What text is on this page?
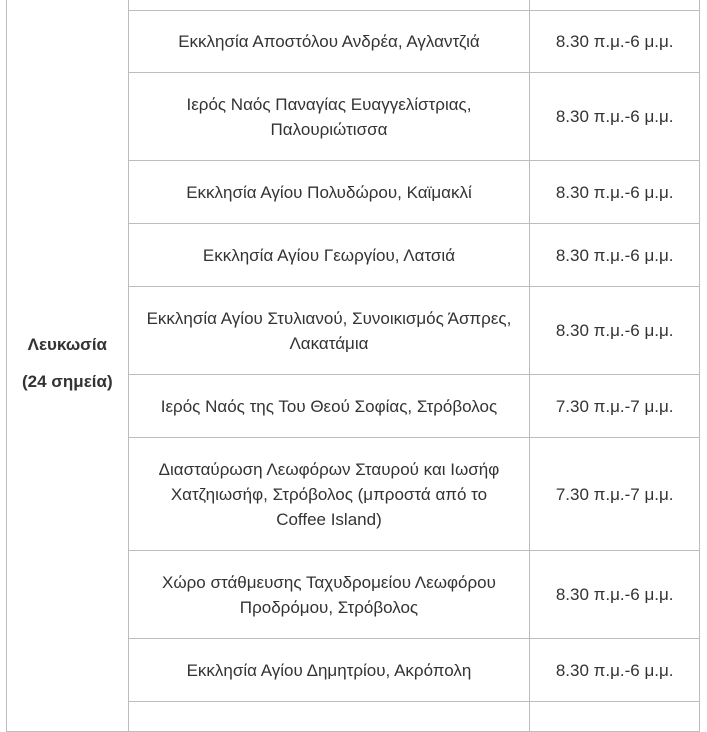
Λευκωσία
(24 σημεία)		

	Εκκλησία Αποστόλου Ανδρέα, Αγλαντζιά	8.30 π.μ.-6 μ.μ.
	Ιερός Ναός Παναγίας Ευαγγελίστριας, Παλουριώτισσα	8.30 π.μ.-6 μ.μ.
	Εκκλησία Αγίου Πολυδώρου, Καϊμακλί	8.30 π.μ.-6 μ.μ.
	Εκκλησία Αγίου Γεωργίου, Λατσιά	8.30 π.μ.-6 μ.μ.
	Εκκλησία Αγίου Στυλιανού, Συνοικισμός Άσπρες, Λακατάμια	8.30 π.μ.-6 μ.μ.
	Ιερός Ναός της Του Θεού Σοφίας, Στρόβολος	7.30 π.μ.-7 μ.μ.
	Διασταύρωση Λεωφόρων Σταυρού και Ιωσήφ Χατζηιωσήφ, Στρόβολος (μπροστά από το Coffee Island)	7.30 π.μ.-7 μ.μ.
	Χώρο στάθμευσης Ταχυδρομείου Λεωφόρου Προδρόμου, Στρόβολος	8.30 π.μ.-6 μ.μ.
	Εκκλησία Αγίου Δημητρίου, Ακρόπολη	8.30 π.μ.-6 μ.μ.
